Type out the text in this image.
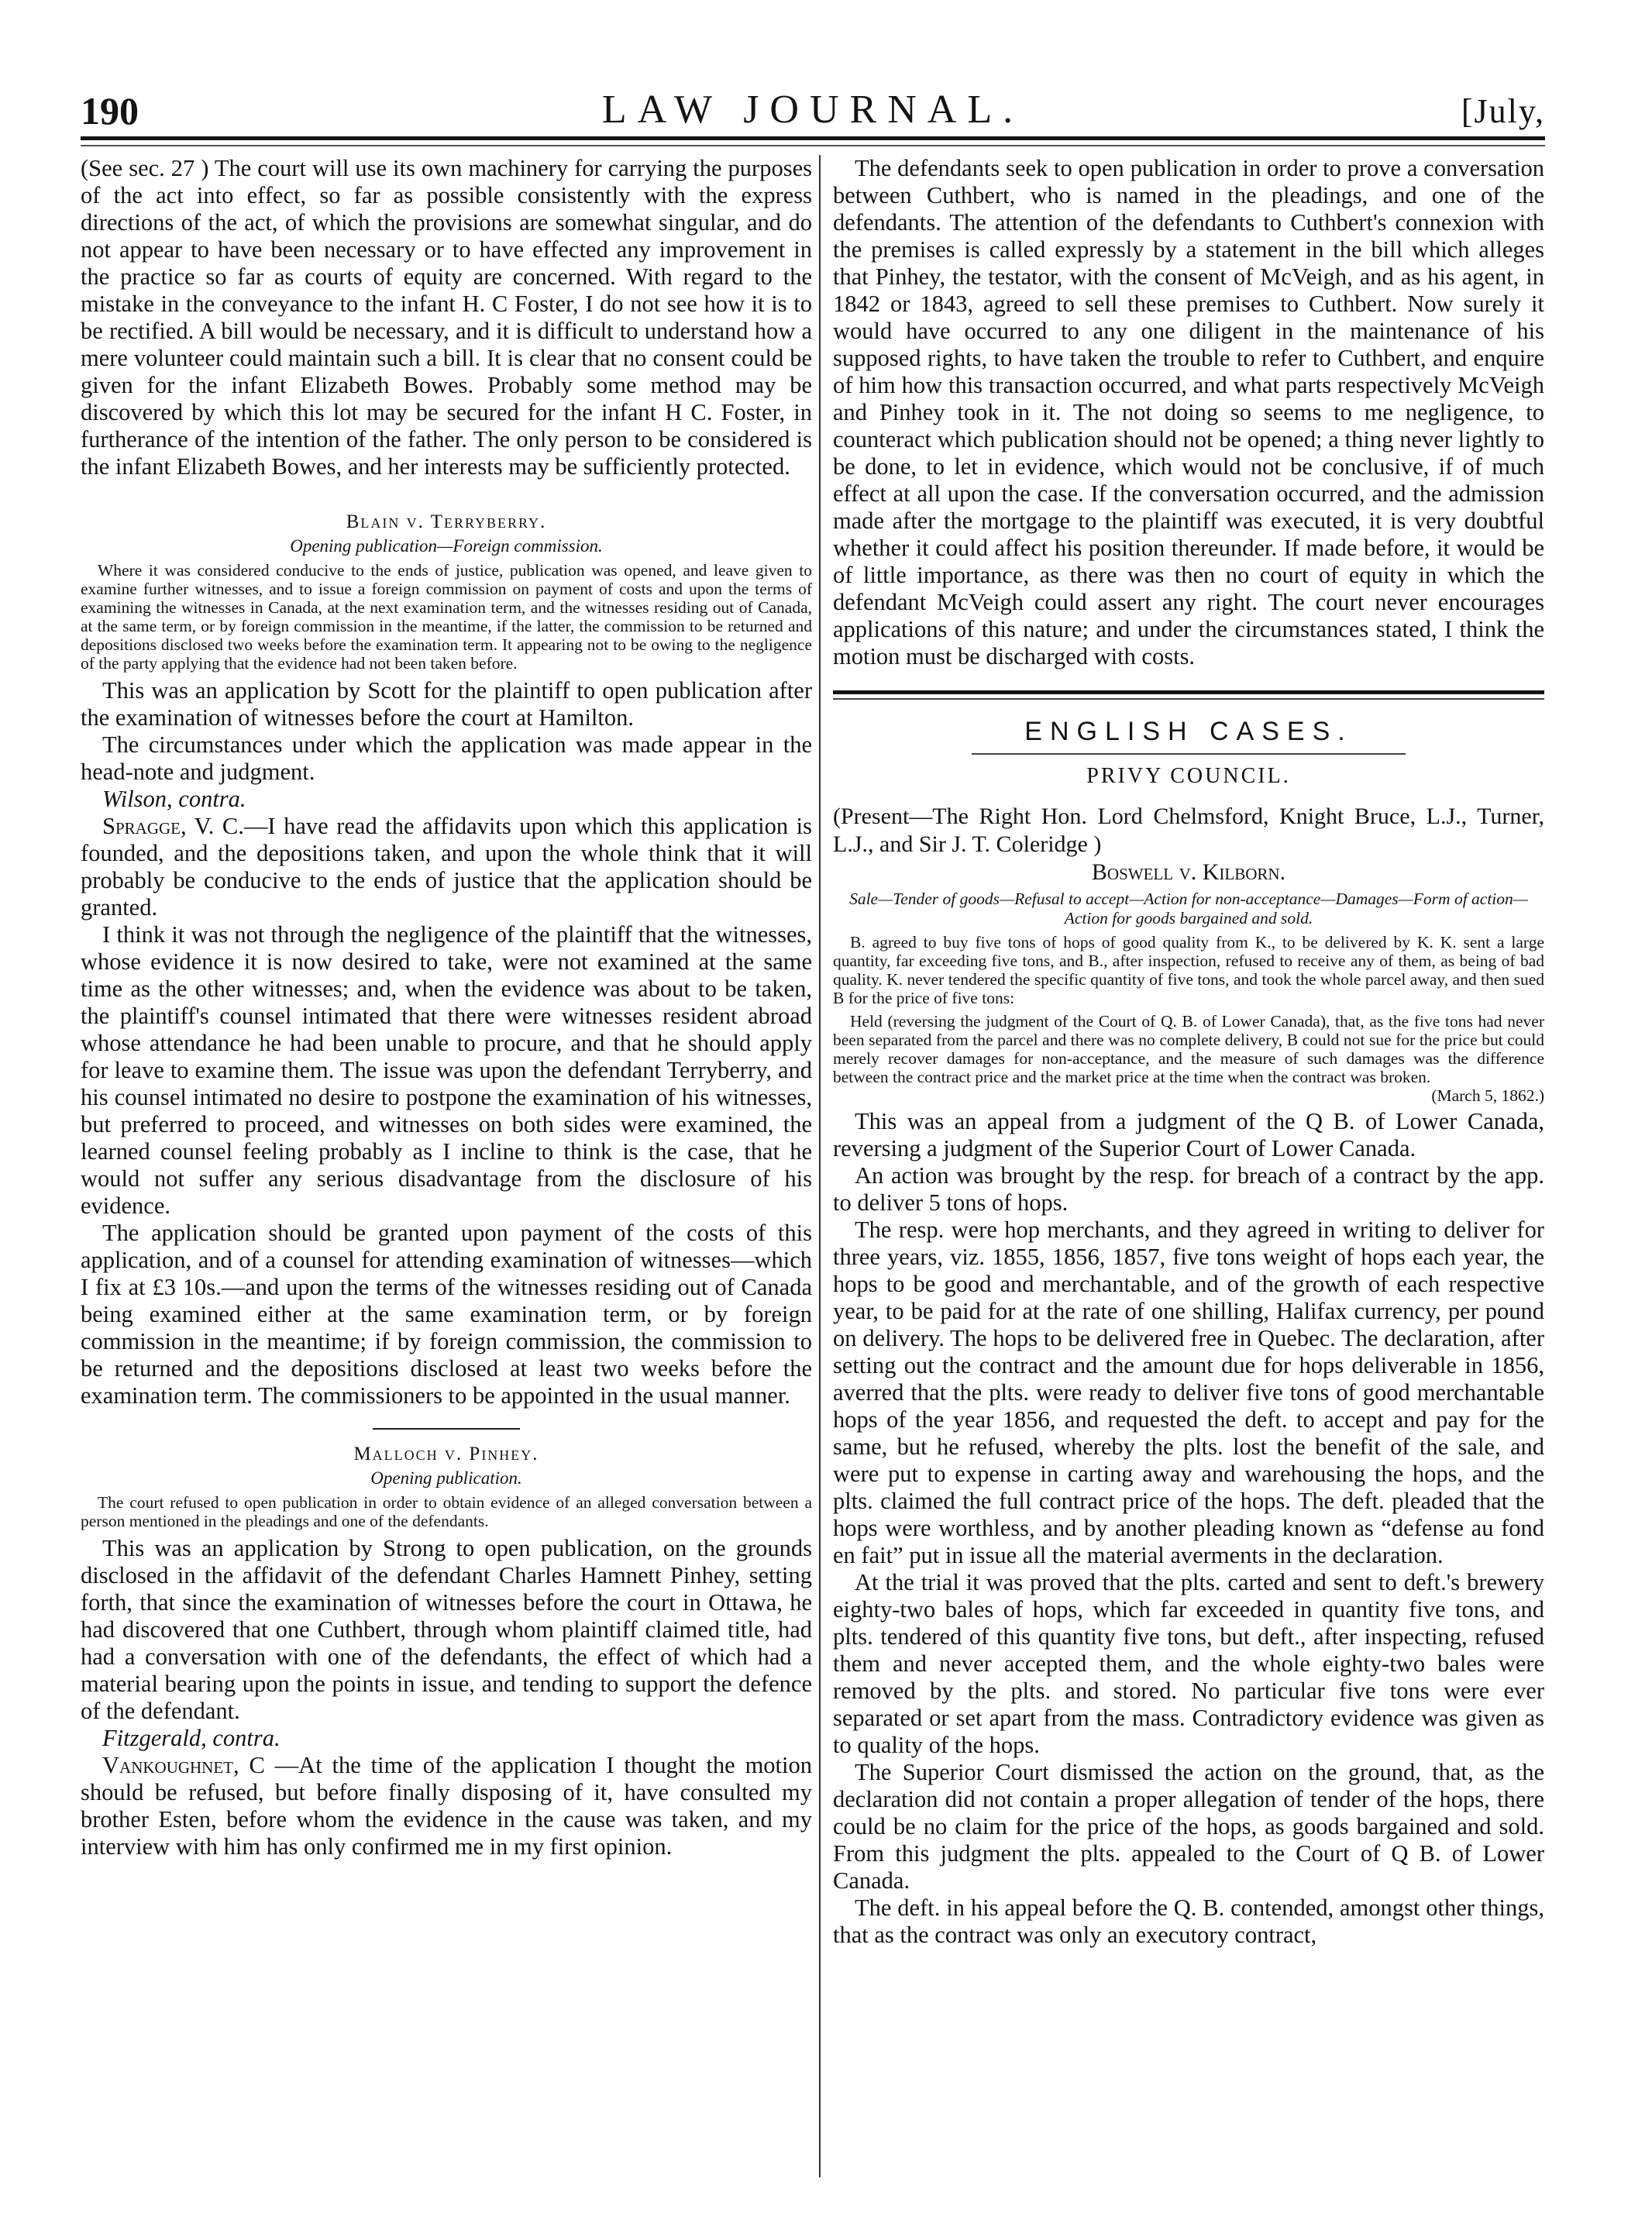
190	LAW JOURNAL.	[July,

(See sec. 27 ) The court will use its own machinery for carrying the purposes of the act into effect, so far as possible consistently with the express directions of the act, of which the provisions are somewhat singular, and do not appear to have been necessary or to have effected any improvement in the practice so far as courts of equity are concerned. With regard to the mistake in the conveyance to the infant H. C Foster, I do not see how it is to be rectified. A bill would be necessary, and it is difficult to understand how a mere volunteer could maintain such a bill. It is clear that no consent could be given for the infant Elizabeth Bowes. Probably some method may be discovered by which this lot may be secured for the infant H C. Foster, in furtherance of the intention of the father. The only person to be considered is the infant Elizabeth Bowes, and her interests may be sufficiently protected.

Blain v. Terryberry.
Opening publication—Foreign commission.
Where it was considered conducive to the ends of justice, publication was opened, and leave given to examine further witnesses, and to issue a foreign commission on payment of costs and upon the terms of examining the witnesses in Canada, at the next examination term, and the witnesses residing out of Canada, at the same term, or by foreign commission in the meantime, if the latter, the commission to be returned and depositions disclosed two weeks before the examination term. It appearing not to be owing to the negligence of the party applying that the evidence had not been taken before.

This was an application by Scott for the plaintiff to open publication after the examination of witnesses before the court at Hamilton.

The circumstances under which the application was made appear in the head-note and judgment.

Wilson, contra.

Spragge, V. C.—I have read the affidavits upon which this application is founded, and the depositions taken, and upon the whole think that it will probably be conducive to the ends of justice that the application should be granted.

I think it was not through the negligence of the plaintiff that the witnesses, whose evidence it is now desired to take, were not examined at the same time as the other witnesses; and, when the evidence was about to be taken, the plaintiff's counsel intimated that there were witnesses resident abroad whose attendance he had been unable to procure, and that he should apply for leave to examine them. The issue was upon the defendant Terryberry, and his counsel intimated no desire to postpone the examination of his witnesses, but preferred to proceed, and witnesses on both sides were examined, the learned counsel feeling probably as I incline to think is the case, that he would not suffer any serious disadvantage from the disclosure of his evidence.

The application should be granted upon payment of the costs of this application, and of a counsel for attending examination of witnesses—which I fix at £3 10s.—and upon the terms of the witnesses residing out of Canada being examined either at the same examination term, or by foreign commission in the meantime; if by foreign commission, the commission to be returned and the depositions disclosed at least two weeks before the examination term. The commissioners to be appointed in the usual manner.

Malloch v. Pinhey.
Opening publication.
The court refused to open publication in order to obtain evidence of an alleged conversation between a person mentioned in the pleadings and one of the defendants.

This was an application by Strong to open publication, on the grounds disclosed in the affidavit of the defendant Charles Hamnett Pinhey, setting forth, that since the examination of witnesses before the court in Ottawa, he had discovered that one Cuthbert, through whom plaintiff claimed title, had had a conversation with one of the defendants, the effect of which had a material bearing upon the points in issue, and tending to support the defence of the defendant.

Fitzgerald, contra.

Vankoughnet, C —At the time of the application I thought the motion should be refused, but before finally disposing of it, have consulted my brother Esten, before whom the evidence in the cause was taken, and my interview with him has only confirmed me in my first opinion.

The defendants seek to open publication in order to prove a conversation between Cuthbert, who is named in the pleadings, and one of the defendants. The attention of the defendants to Cuthbert's connexion with the premises is called expressly by a statement in the bill which alleges that Pinhey, the testator, with the consent of McVeigh, and as his agent, in 1842 or 1843, agreed to sell these premises to Cuthbert. Now surely it would have occurred to any one diligent in the maintenance of his supposed rights, to have taken the trouble to refer to Cuthbert, and enquire of him how this transaction occurred, and what parts respectively McVeigh and Pinhey took in it. The not doing so seems to me negligence, to counteract which publication should not be opened; a thing never lightly to be done, to let in evidence, which would not be conclusive, if of much effect at all upon the case. If the conversation occurred, and the admission made after the mortgage to the plaintiff was executed, it is very doubtful whether it could affect his position thereunder. If made before, it would be of little importance, as there was then no court of equity in which the defendant McVeigh could assert any right. The court never encourages applications of this nature; and under the circumstances stated, I think the motion must be discharged with costs.

ENGLISH CASES.
PRIVY COUNCIL.
(Present—The Right Hon. Lord Chelmsford, Knight Bruce, L.J., Turner, L.J., and Sir J. T. Coleridge )
Boswell v. Kilborn.
Sale—Tender of goods—Refusal to accept—Action for non-acceptance—Damages—Form of action—Action for goods bargained and sold.
B. agreed to buy five tons of hops of good quality from K., to be delivered by K. K. sent a large quantity, far exceeding five tons, and B., after inspection, refused to receive any of them, as being of bad quality. K. never tendered the specific quantity of five tons, and took the whole parcel away, and then sued B for the price of five tons:
Held (reversing the judgment of the Court of Q. B. of Lower Canada), that, as the five tons had never been separated from the parcel and there was no complete delivery, B could not sue for the price but could merely recover damages for non-acceptance, and the measure of such damages was the difference between the contract price and the market price at the time when the contract was broken.
(March 5, 1862.)

This was an appeal from a judgment of the Q B. of Lower Canada, reversing a judgment of the Superior Court of Lower Canada.

An action was brought by the resp. for breach of a contract by the app. to deliver 5 tons of hops.

The resp. were hop merchants, and they agreed in writing to deliver for three years, viz. 1855, 1856, 1857, five tons weight of hops each year, the hops to be good and merchantable, and of the growth of each respective year, to be paid for at the rate of one shilling, Halifax currency, per pound on delivery. The hops to be delivered free in Quebec. The declaration, after setting out the contract and the amount due for hops deliverable in 1856, averred that the plts. were ready to deliver five tons of good merchantable hops of the year 1856, and requested the deft. to accept and pay for the same, but he refused, whereby the plts. lost the benefit of the sale, and were put to expense in carting away and warehousing the hops, and the plts. claimed the full contract price of the hops. The deft. pleaded that the hops were worthless, and by another pleading known as “defense au fond en fait” put in issue all the material averments in the declaration.

At the trial it was proved that the plts. carted and sent to deft.'s brewery eighty-two bales of hops, which far exceeded in quantity five tons, and plts. tendered of this quantity five tons, but deft., after inspecting, refused them and never accepted them, and the whole eighty-two bales were removed by the plts. and stored. No particular five tons were ever separated or set apart from the mass. Contradictory evidence was given as to quality of the hops.

The Superior Court dismissed the action on the ground, that, as the declaration did not contain a proper allegation of tender of the hops, there could be no claim for the price of the hops, as goods bargained and sold. From this judgment the plts. appealed to the Court of Q B. of Lower Canada.

The deft. in his appeal before the Q. B. contended, amongst other things, that as the contract was only an executory contract,
